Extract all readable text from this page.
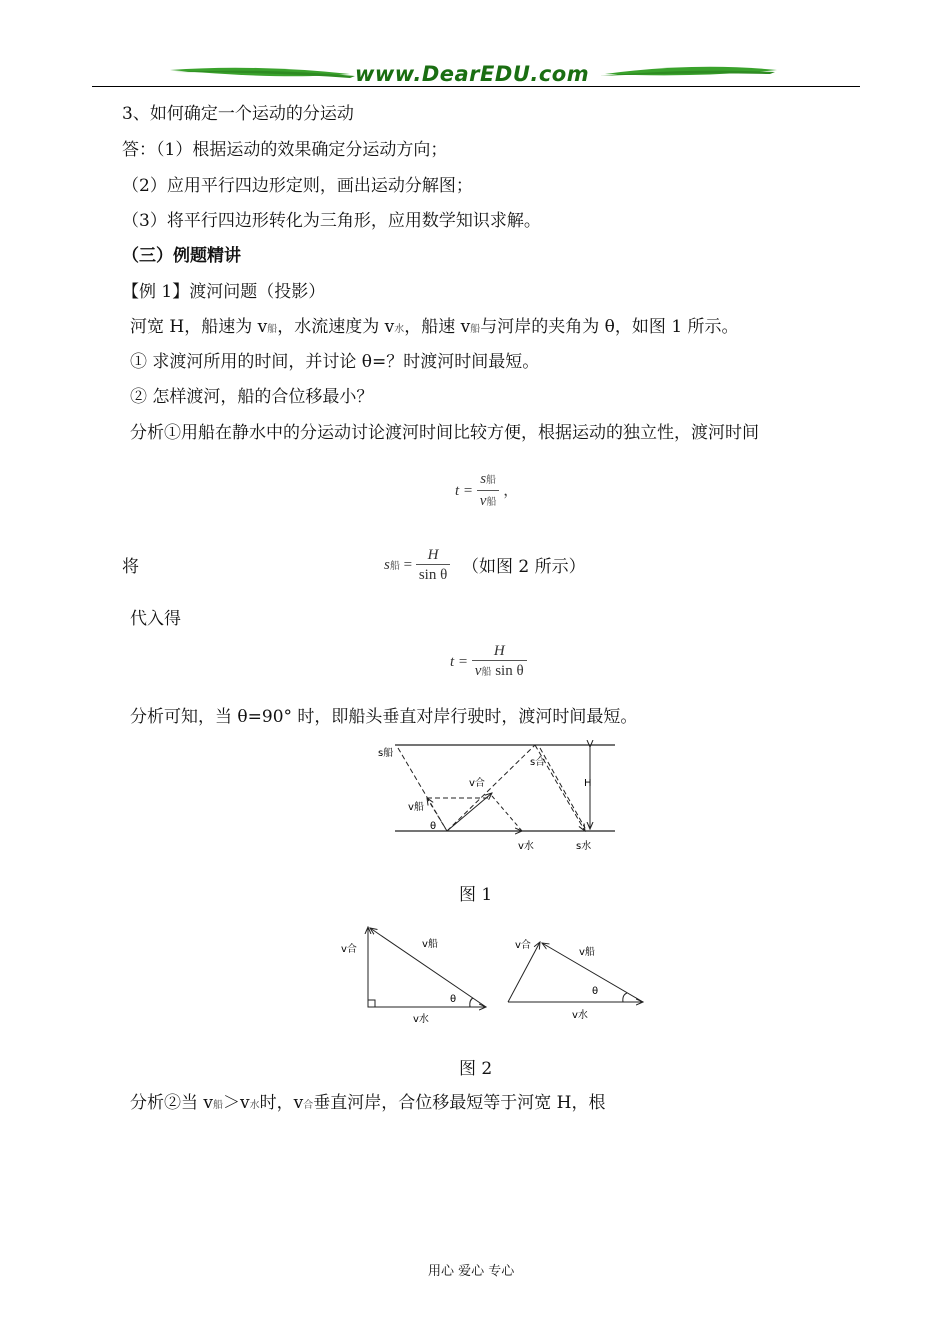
www.DearEDU.com
3、如何确定一个运动的分运动
答：（1）根据运动的效果确定分运动方向；
（2）应用平行四边形定则，画出运动分解图；
（3）将平行四边形转化为三角形，应用数学知识求解。
（三）例题精讲
【例 1】渡河问题（投影）
河宽 H，船速为 v船，水流速度为 v水，船速 v船与河岸的夹角为 θ，如图 1 所示。
① 求渡河所用的时间，并讨论 θ=？时渡河时间最短。
② 怎样渡河，船的合位移最小？
分析①用船在静水中的分运动讨论渡河时间比较方便，根据运动的独立性，渡河时间
$t = \frac{\text{s船}}{\text{v船}}$ ，
将	s船 = $\frac{H}{\text{sin θ}}$ （如图 2 所示）
代入得
$t = \frac{H}{\text{v船 sin θ}}$
分析可知，当 θ=90° 时，即船头垂直对岸行驶时，渡河时间最短。
s船
v合
s合
H
v船
θ
v水	s水
图 1
v合	v船
θ
v水
v合
v船
θ
v水
图 2
分析②当 v船＞v水时，v合垂直河岸，合位移最短等于河宽 H，根
用心 爱心 专心
